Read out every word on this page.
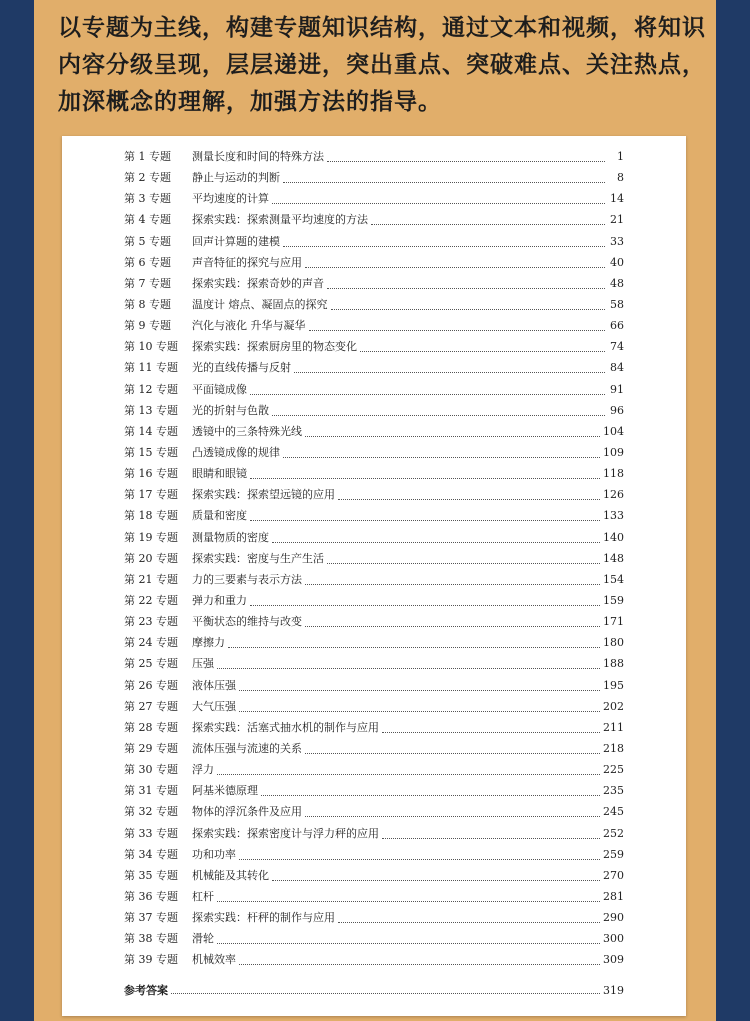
以专题为主线，构建专题知识结构，通过文本和视频，将知识内容分级呈现，层层递进，突出重点、突破难点、关注热点，加深概念的理解，加强方法的指导。

第 1 专题	测量长度和时间的特殊方法	1
第 2 专题	静止与运动的判断	8
第 3 专题	平均速度的计算	14
第 4 专题	探索实践：探索测量平均速度的方法	21
第 5 专题	回声计算题的建模	33
第 6 专题	声音特征的探究与应用	40
第 7 专题	探索实践：探索奇妙的声音	48
第 8 专题	温度计 熔点、凝固点的探究	58
第 9 专题	汽化与液化 升华与凝华	66
第 10 专题	探索实践：探索厨房里的物态变化	74
第 11 专题	光的直线传播与反射	84
第 12 专题	平面镜成像	91
第 13 专题	光的折射与色散	96
第 14 专题	透镜中的三条特殊光线	104
第 15 专题	凸透镜成像的规律	109
第 16 专题	眼睛和眼镜	118
第 17 专题	探索实践：探索望远镜的应用	126
第 18 专题	质量和密度	133
第 19 专题	测量物质的密度	140
第 20 专题	探索实践：密度与生产生活	148
第 21 专题	力的三要素与表示方法	154
第 22 专题	弹力和重力	159
第 23 专题	平衡状态的维持与改变	171
第 24 专题	摩擦力	180
第 25 专题	压强	188
第 26 专题	液体压强	195
第 27 专题	大气压强	202
第 28 专题	探索实践：活塞式抽水机的制作与应用	211
第 29 专题	流体压强与流速的关系	218
第 30 专题	浮力	225
第 31 专题	阿基米德原理	235
第 32 专题	物体的浮沉条件及应用	245
第 33 专题	探索实践：探索密度计与浮力秤的应用	252
第 34 专题	功和功率	259
第 35 专题	机械能及其转化	270
第 36 专题	杠杆	281
第 37 专题	探索实践：杆秤的制作与应用	290
第 38 专题	滑轮	300
第 39 专题	机械效率	309
参考答案	319
